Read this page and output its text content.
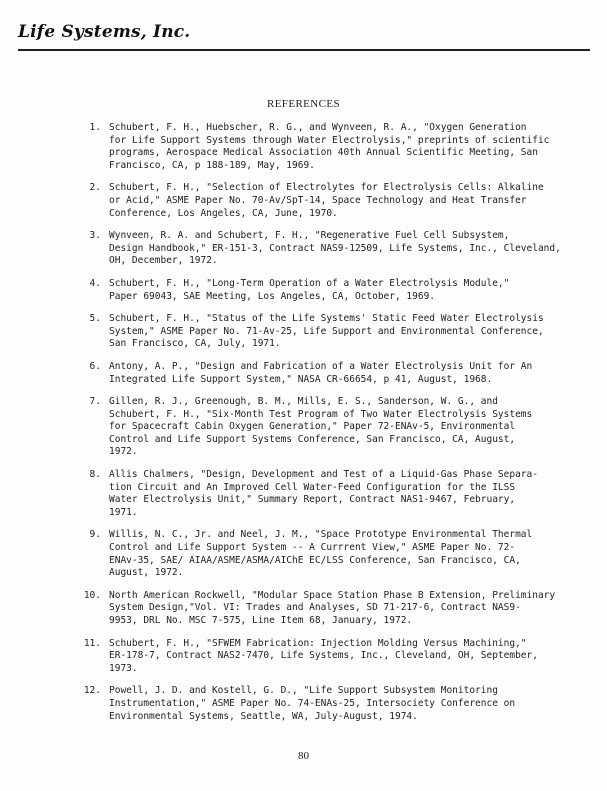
Life Systems, Inc.
REFERENCES
1. Schubert, F. H., Huebscher, R. G., and Wynveen, R. A., "Oxygen Generation
for Life Support Systems through Water Electrolysis," preprints of scientific
programs, Aerospace Medical Association 40th Annual Scientific Meeting, San
Francisco, CA, p 188-189, May, 1969.
2. Schubert, F. H., "Selection of Electrolytes for Electrolysis Cells: Alkaline
or Acid," ASME Paper No. 70-Av/SpT-14, Space Technology and Heat Transfer
Conference, Los Angeles, CA, June, 1970.
3. Wynveen, R. A. and Schubert, F. H., "Regenerative Fuel Cell Subsystem,
Design Handbook," ER-151-3, Contract NAS9-12509, Life Systems, Inc., Cleveland,
OH, December, 1972.
4. Schubert, F. H., "Long-Term Operation of a Water Electrolysis Module,"
Paper 69043, SAE Meeting, Los Angeles, CA, October, 1969.
5. Schubert, F. H., "Status of the Life Systems' Static Feed Water Electrolysis
System," ASME Paper No. 71-Av-25, Life Support and Environmental Conference,
San Francisco, CA, July, 1971.
6. Antony, A. P., "Design and Fabrication of a Water Electrolysis Unit for An
Integrated Life Support System," NASA CR-66654, p 41, August, 1968.
7. Gillen, R. J., Greenough, B. M., Mills, E. S., Sanderson, W. G., and
Schubert, F. H., "Six-Month Test Program of Two Water Electrolysis Systems
for Spacecraft Cabin Oxygen Generation," Paper 72-ENAv-5, Environmental
Control and Life Support Systems Conference, San Francisco, CA, August,
1972.
8. Allis Chalmers, "Design, Development and Test of a Liquid-Gas Phase Separa-
tion Circuit and An Improved Cell Water-Feed Configuration for the ILSS
Water Electrolysis Unit," Summary Report, Contract NAS1-9467, February,
1971.
9. Willis, N. C., Jr. and Neel, J. M., "Space Prototype Environmental Thermal
Control and Life Support System -- A Currrent View," ASME Paper No. 72-
ENAv-35, SAE/ AIAA/ASME/ASMA/AIChE EC/LSS Conference, San Francisco, CA,
August, 1972.
10. North American Rockwell, "Modular Space Station Phase B Extension, Preliminary
System Design,"Vol. VI: Trades and Analyses, SD 71-217-6, Contract NAS9-
9953, DRL No. MSC 7-575, Line Item 68, January, 1972.
11. Schubert, F. H., "SFWEM Fabrication: Injection Molding Versus Machining,"
ER-178-7, Contract NAS2-7470, Life Systems, Inc., Cleveland, OH, September,
1973.
12. Powell, J. D. and Kostell, G. D., "Life Support Subsystem Monitoring
Instrumentation," ASME Paper No. 74-ENAs-25, Intersociety Conference on
Environmental Systems, Seattle, WA, July-August, 1974.
80
